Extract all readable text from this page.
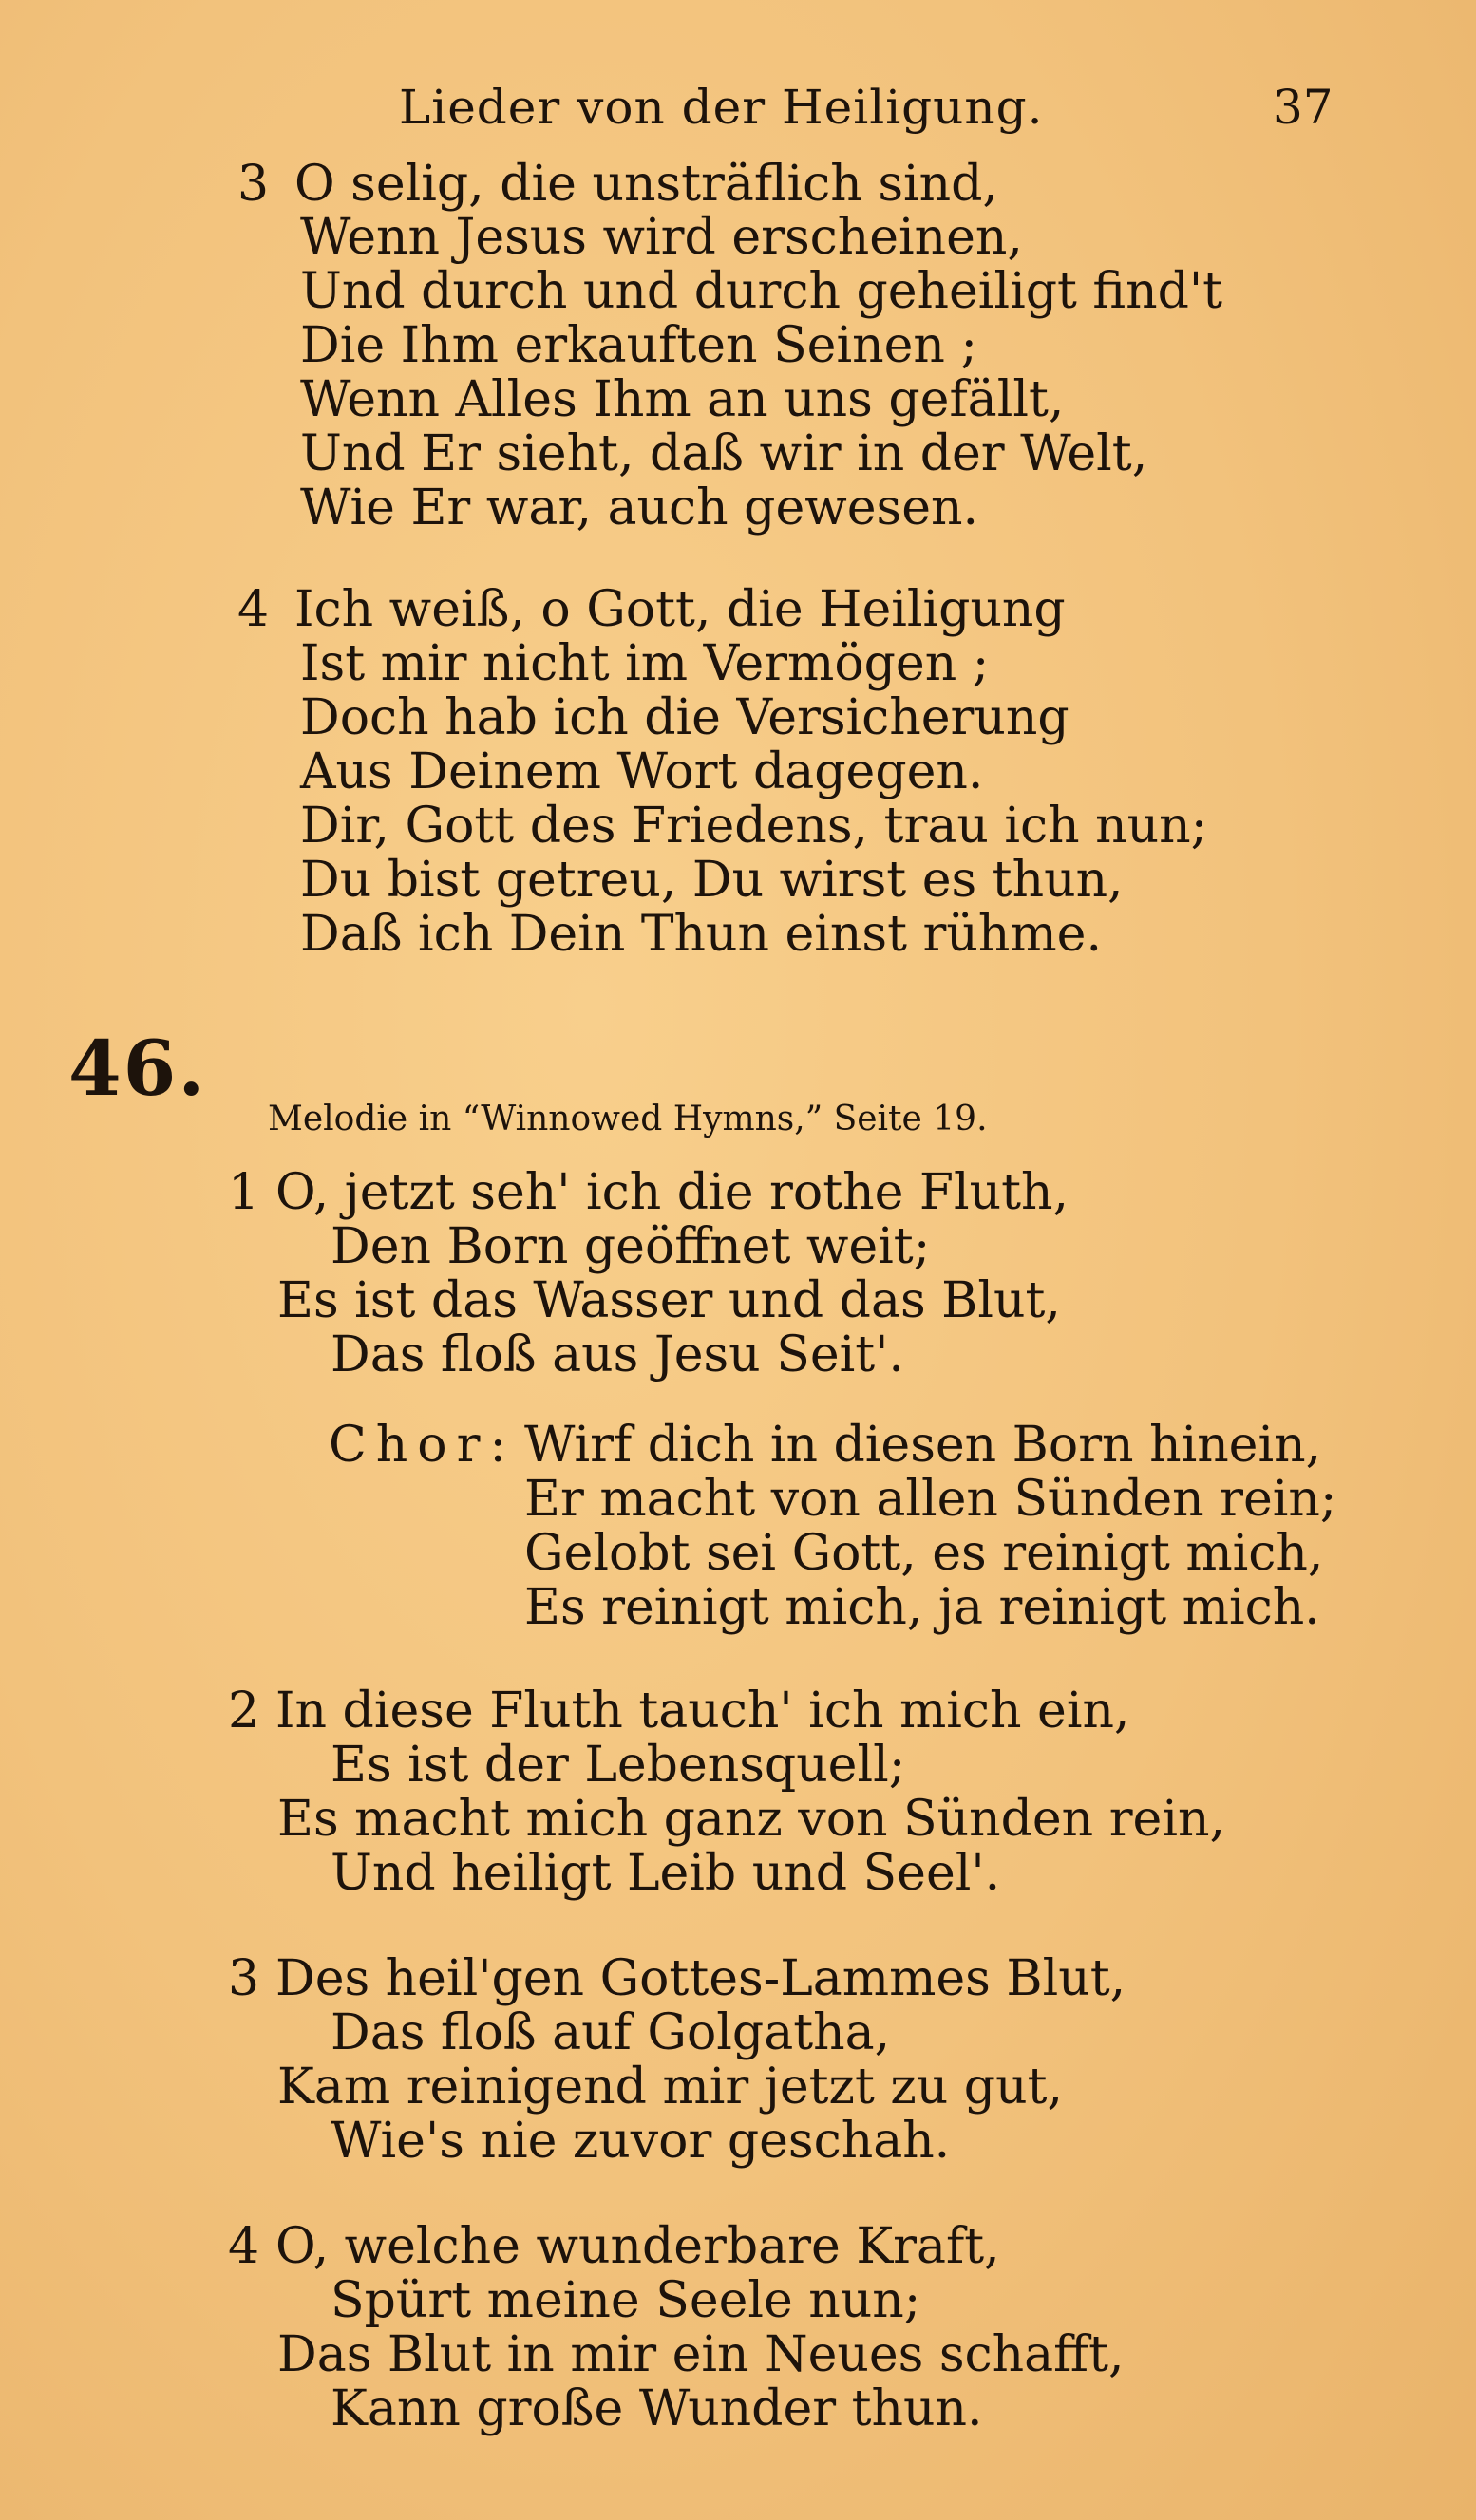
Lieder von der Heiligung.	37
3 O selig, die unsträflich sind,
Wenn Jesus wird erscheinen,
Und durch und durch geheiligt find't
Die Ihm erkauften Seinen ;
Wenn Alles Ihm an uns gefällt,
Und Er sieht, daß wir in der Welt,
Wie Er war, auch gewesen.
4 Ich weiß, o Gott, die Heiligung
Ist mir nicht im Vermögen ;
Doch hab ich die Versicherung
Aus Deinem Wort dagegen.
Dir, Gott des Friedens, trau ich nun;
Du bist getreu, Du wirst es thun,
Daß ich Dein Thun einst rühme.
46.
Melodie in “Winnowed Hymns,” Seite 19.
1 O, jetzt seh' ich die rothe Fluth,
Den Born geöffnet weit;
Es ist das Wasser und das Blut,
Das floß aus Jesu Seit'.
Chor: Wirf dich in diesen Born hinein,
Er macht von allen Sünden rein;
Gelobt sei Gott, es reinigt mich,
Es reinigt mich, ja reinigt mich.
2 In diese Fluth tauch' ich mich ein,
Es ist der Lebensquell;
Es macht mich ganz von Sünden rein,
Und heiligt Leib und Seel'.
3 Des heil'gen Gottes-Lammes Blut,
Das floß auf Golgatha,
Kam reinigend mir jetzt zu gut,
Wie's nie zuvor geschah.
4 O, welche wunderbare Kraft,
Spürt meine Seele nun;
Das Blut in mir ein Neues schafft,
Kann große Wunder thun.
